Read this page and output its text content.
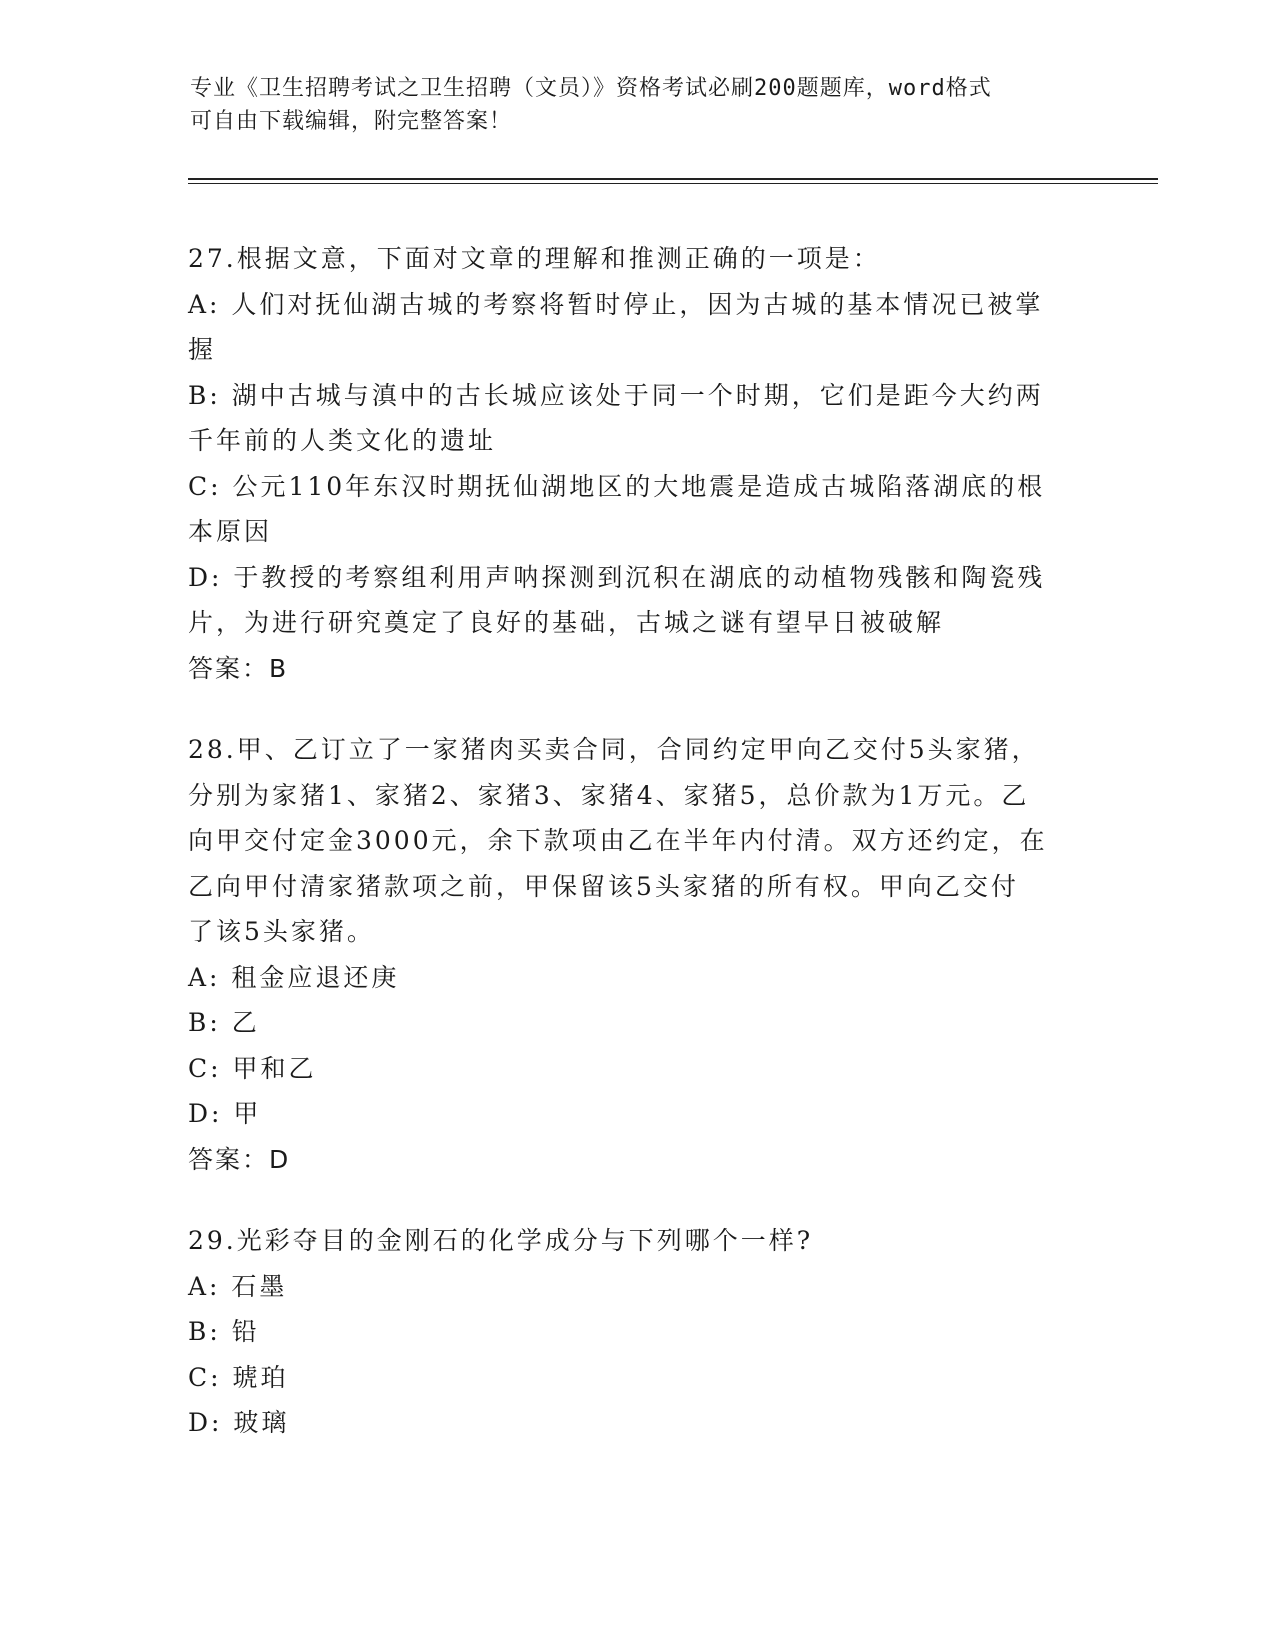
专业《卫生招聘考试之卫生招聘（文员）》资格考试必刷200题题库，word格式
可自由下载编辑，附完整答案！
27.根据文意，下面对文章的理解和推测正确的一项是：
A: 人们对抚仙湖古城的考察将暂时停止，因为古城的基本情况已被掌
握
B: 湖中古城与滇中的古长城应该处于同一个时期，它们是距今大约两
千年前的人类文化的遗址
C: 公元110年东汉时期抚仙湖地区的大地震是造成古城陷落湖底的根
本原因
D: 于教授的考察组利用声呐探测到沉积在湖底的动植物残骸和陶瓷残
片，为进行研究奠定了良好的基础，古城之谜有望早日被破解
答案：B
28.甲、乙订立了一家猪肉买卖合同，合同约定甲向乙交付5头家猪，
分别为家猪1、家猪2、家猪3、家猪4、家猪5，总价款为1万元。乙
向甲交付定金3000元，余下款项由乙在半年内付清。双方还约定，在
乙向甲付清家猪款项之前，甲保留该5头家猪的所有权。甲向乙交付
了该5头家猪。
A: 租金应退还庚
B: 乙
C: 甲和乙
D: 甲
答案：D
29.光彩夺目的金刚石的化学成分与下列哪个一样?
A: 石墨
B: 铅
C: 琥珀
D: 玻璃
